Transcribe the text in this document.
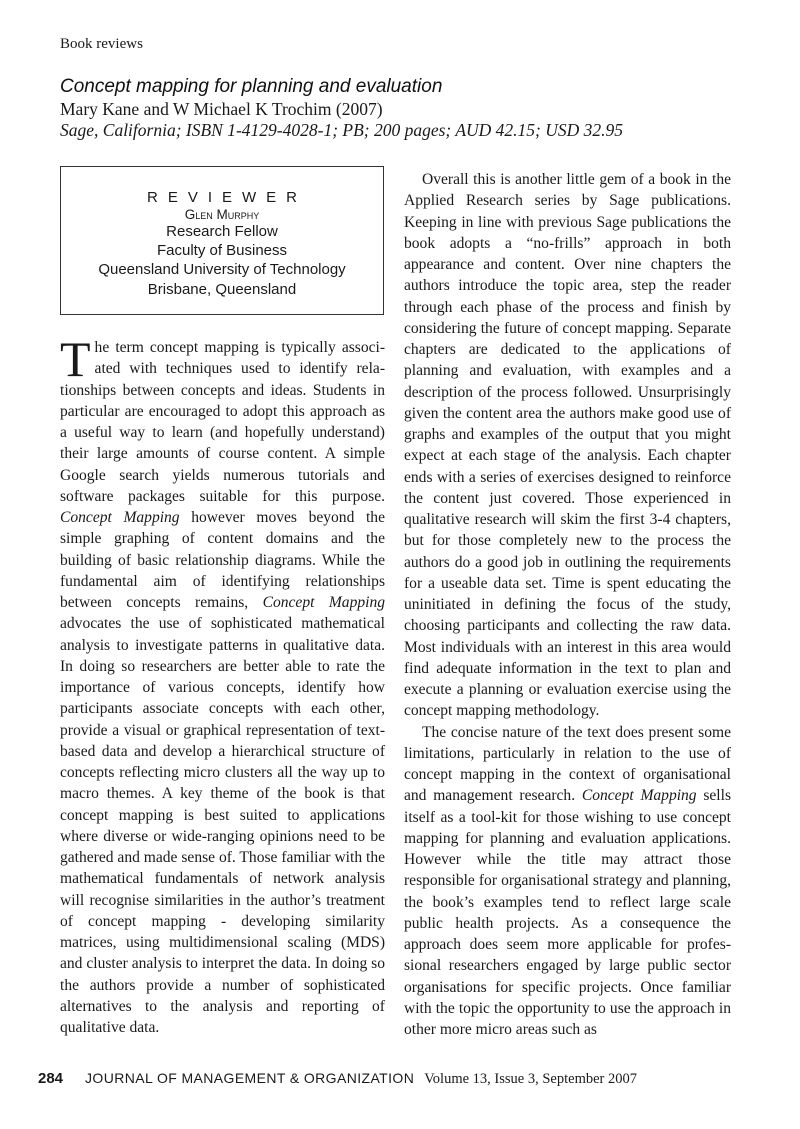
Book reviews
Concept mapping for planning and evaluation
Mary Kane and W Michael K Trochim (2007)
Sage, California; ISBN 1-4129-4028-1; PB; 200 pages; AUD 42.15; USD 32.95
REVIEWER
Glen Murphy
Research Fellow
Faculty of Business
Queensland University of Technology
Brisbane, Queensland

The term concept mapping is typically associated with techniques used to identify relationships between concepts and ideas. Students in particular are encouraged to adopt this approach as a useful way to learn (and hopefully understand) their large amounts of course content. A simple Google search yields numerous tutorials and software packages suitable for this purpose. Concept Mapping however moves beyond the simple graphing of content domains and the building of basic relationship diagrams. While the fundamental aim of identifying relationships between concepts remains, Concept Mapping advocates the use of sophisticated mathematical analysis to investigate patterns in qualitative data. In doing so researchers are better able to rate the importance of various concepts, identify how participants associate concepts with each other, provide a visual or graphical representation of text-based data and develop a hierarchical structure of concepts reflecting micro clusters all the way up to macro themes. A key theme of the book is that concept mapping is best suited to applications where diverse or wide-ranging opinions need to be gathered and made sense of. Those familiar with the mathematical fundamentals of network analysis will recognise similarities in the author’s treatment of concept mapping - developing similarity matrices, using multidimensional scaling (MDS) and cluster analysis to interpret the data. In doing so the authors provide a number of sophisticated alternatives to the analysis and reporting of qualitative data.

Overall this is another little gem of a book in the Applied Research series by Sage publications. Keeping in line with previous Sage publications the book adopts a “no-frills” approach in both appearance and content. Over nine chapters the authors introduce the topic area, step the reader through each phase of the process and finish by considering the future of concept mapping. Separate chapters are dedicated to the applications of planning and evaluation, with examples and a description of the process followed. Unsurprisingly given the content area the authors make good use of graphs and examples of the output that you might expect at each stage of the analysis. Each chapter ends with a series of exercises designed to reinforce the content just covered. Those experienced in qualitative research will skim the first 3-4 chapters, but for those completely new to the process the authors do a good job in outlining the requirements for a useable data set. Time is spent educating the uninitiated in defining the focus of the study, choosing participants and collecting the raw data. Most individuals with an interest in this area would find adequate information in the text to plan and execute a planning or evaluation exercise using the concept mapping methodology.

The concise nature of the text does present some limitations, particularly in relation to the use of concept mapping in the context of organisational and management research. Concept Mapping sells itself as a tool-kit for those wishing to use concept mapping for planning and evaluation applications. However while the title may attract those responsible for organisational strategy and planning, the book’s examples tend to reflect large scale public health projects. As a consequence the approach does seem more applicable for professional researchers engaged by large public sector organisations for specific projects. Once familiar with the topic the opportunity to use the approach in other more micro areas such as

284 JOURNAL OF MANAGEMENT & ORGANIZATION Volume 13, Issue 3, September 2007
